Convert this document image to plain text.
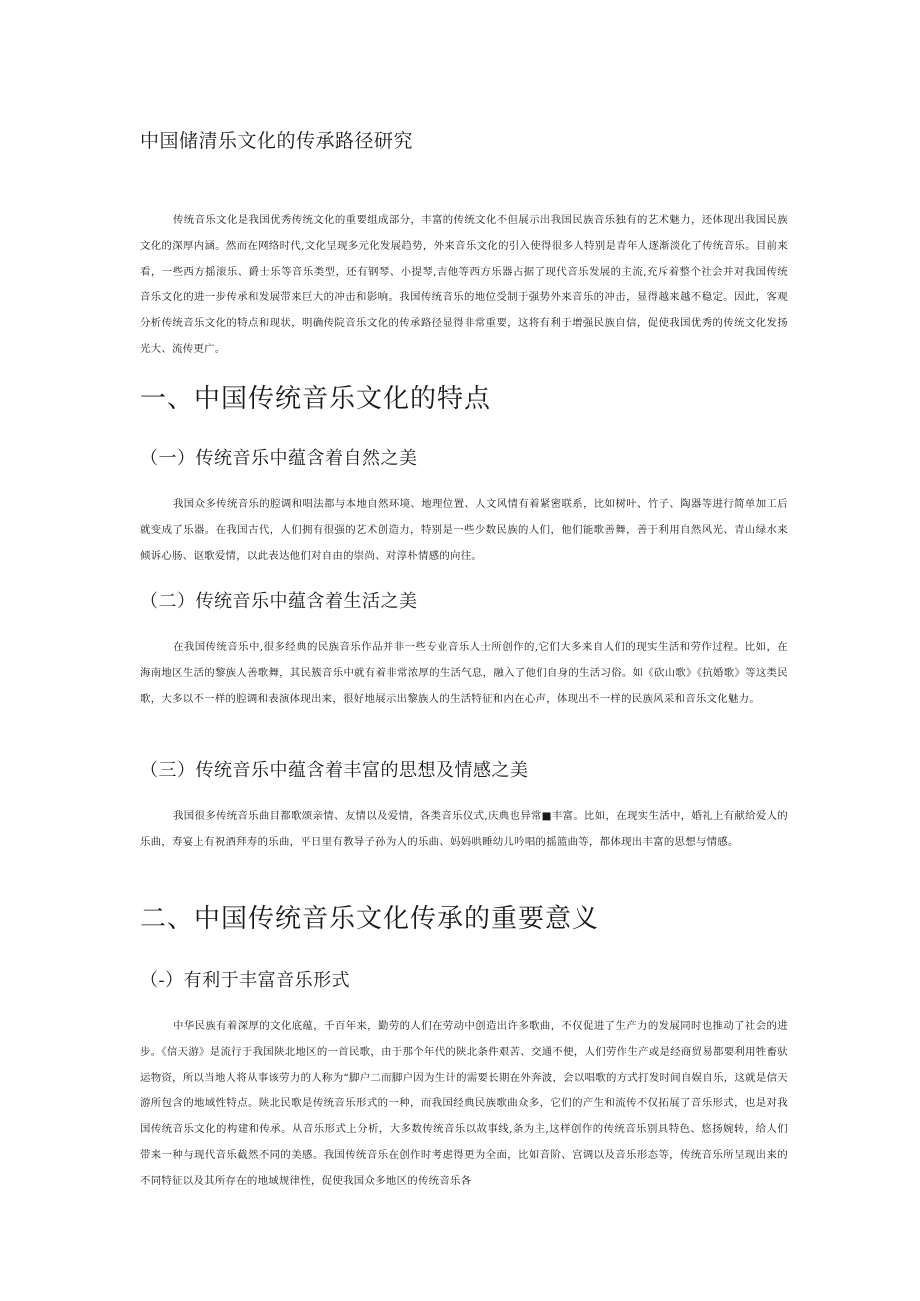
中国储清乐文化的传承路径研究

传统音乐文化是我国优秀传统文化的重要组成部分，丰富的传统文化不但展示出我国民族音乐独有的艺术魅力，还体现出我国民族文化的深厚内涵。然而在网络时代,文化呈现多元化发展趋势，外来音乐文化的引入使得很多人特别是青年人逐渐淡化了传统音乐。目前来看，一些西方摇滚乐、爵士乐等音乐类型，还有钢琴、小提琴,吉他等西方乐器占据了现代音乐发展的主流,充斥着整个社会并对我国传统音乐文化的进一步传承和发展带来巨大的冲击和影响。我国传统音乐的地位受制于强势外来音乐的冲击，显得越来越不稳定。因此，客观分析传统音乐文化的特点和现状，明确传院音乐文化的传承路径显得非常重要，这将有利于增强民族自信，促使我国优秀的传统文化发扬光大、流传更广。

一、中国传统音乐文化的特点
（一）传统音乐中蕴含着自然之美

我国众多传统音乐的腔调和唱法都与本地自然环境、地理位置、人文风情有着紧密联系，比如树叶、竹子、陶器等进行简单加工后就变成了乐器。在我国古代，人们拥有很强的艺术创造力，特别是一些少数民族的人们，他们能歌善舞，善于利用自然风光、青山绿水来倾诉心肠、讴歌爱情，以此表达他们对自由的崇尚、对淳朴情感的向往。

（二）传统音乐中蕴含着生活之美

在我国传统音乐中,很多经典的民族音乐作品并非一些专业音乐人士所创作的,它们大多来自人们的现实生活和劳作过程。比如，在海南地区生活的黎族人善歌舞，其民簇音乐中就有着非常浓厚的生活气息，融入了他们自身的生活习俗。如《砍山歌》《抗婚歌》等这类民歌，大多以不一样的腔调和表演体现出来，很好地展示出黎族人的生活特征和内在心声，体现出不一样的民族风采和音乐文化魅力。

（三）传统音乐中蕴含着丰富的思想及情感之美

我国很多传统音乐曲目都歌颂亲情、友情以及爱情，各类音乐仪式,庆典也异常■丰富。比如，在现实生活中，婚礼上有献给爱人的乐曲，寿宴上有祝酒拜寿的乐曲，平日里有教导子孙为人的乐曲、妈妈哄睡幼儿吟唱的摇篮曲等，都体现出丰富的思想与情感。

二、中国传统音乐文化传承的重要意义
（-）有利于丰富音乐形式

中华民族有着深厚的文化底蕴，千百年来，勤劳的人们在劳动中创造出许多歌曲，不仅促进了生产力的发展同时也推动了社会的进步。《信天游》是流行于我国陕北地区的一首民歌，由于那个年代的陕北条件艰苦、交通不便，人们劳作生产或是经商贸易都要利用牲畜驮运物资，所以当地人将从事该劳力的人称为“脚户二而脚户因为生计的需要长期在外奔波，会以唱歌的方式打发时间自娱自乐，这就是信天游所包含的地域性特点。陕北民歌是传统音乐形式的一种，而我国经典民族歌曲众多，它们的产生和流传不仅拓展了音乐形式，也是对我国传统音乐文化的构建和传承。从音乐形式上分析，大多数传统音乐以故事线,条为主,这样创作的传统音乐别具特色、悠扬婉转，给人们带来一种与现代音乐截然不同的美感。我国传统音乐在创作时考虑得更为全面，比如音阶、宫调以及音乐形态等，传统音乐所呈现出来的不同特征以及其所存在的地域规律性，促使我国众多地区的传统音乐各
